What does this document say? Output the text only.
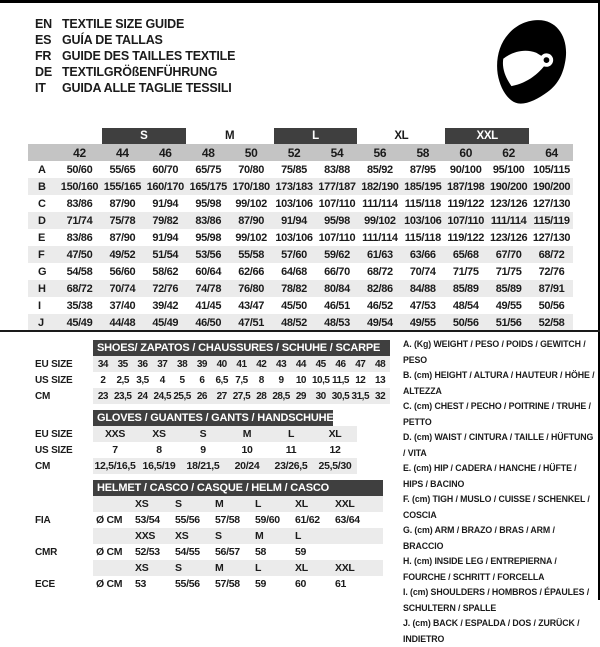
EN TEXTILE SIZE GUIDE
ES GUÍA DE TALLAS
FR GUIDE DES TAILLES TEXTILE
DE TEXTILGRÖßENFÜHRUNG
IT	GUIDA ALLE TAGLIE TESSILI
S	M	L	XL	XXL
42	44	46	48	50	52	54	56	58	60	62	64
A	50/60	55/65	60/70	65/75	70/80	75/85	83/88	85/92	87/95	90/100	95/100 105/115
B	150/160 155/165 160/170 165/175 170/180 173/183 177/187 182/190 185/195 187/198 190/200 190/200
C	83/86	87/90	91/94	95/98	99/102 103/106 107/110 111/114 115/118 119/122 123/126 127/130
D	71/74	75/78	79/82	83/86	87/90	91/94	95/98	99/102 103/106 107/110 111/114 115/119
E	83/86	87/90	91/94	95/98	99/102 103/106 107/110 111/114 115/118 119/122 123/126 127/130
F	47/50	49/52	51/54	53/56	55/58	57/60	59/62	61/63	63/66	65/68	67/70	68/72
G	54/58	56/60	58/62	60/64	62/66	64/68	66/70	68/72	70/74	71/75	71/75	72/76
H	68/72	70/74	72/76	74/78	76/80	78/82	80/84	82/86	84/88	85/89	85/89	87/91
I	35/38	37/40	39/42	41/45	43/47	45/50	46/51	46/52	47/53	48/54	49/55	50/56
J	45/49	44/48	45/49	46/50	47/51	48/52	48/53	49/54	49/55	50/56	51/56	52/58
SHOES/ ZAPATOS / CHAUSSURES / SCHUHE / SCARPE
EU SIZE	34 35 36 37 38 39 40 41 42 43 44 45 46 47 48
US SIZE	2	2,5 3,5	4	5	6	6,5 7,5	8	9	10 10,5 11,5 12 13
CM	23 23,5 24 24,5 25,5 26 27 27,5 28 28,5 29 30 30,5 31,5 32
GLOVES / GUANTES / GANTS / HANDSCHUHE / GUANTI
EU SIZE	XXS	XS	S	M	L	XL
US SIZE	7	8	9	10	11	12
CM	12,5/16,5 16,5/19	18/21,5	20/24	23/26,5	25,5/30
HELMET / CASCO / CASQUE / HELM / CASCO
XS	S	M	L	XL	XXL
FIA	Ø CM	53/54	55/56	57/58	59/60	61/62	63/64
XXS	XS	S	M	L
CMR	Ø CM	52/53	54/55	56/57	58	59
XS	S	M	L	XL	XXL
ECE	Ø CM	53	55/56	57/58	59	60	61
A. (Kg) WEIGHT / PESO / POIDS / GEWITCH / PESO
B. (cm) HEIGHT / ALTURA / HAUTEUR / HÖHE / ALTEZZA
C. (cm) CHEST / PECHO / POITRINE / TRUHE / PETTO
D. (cm) WAIST / CINTURA / TAILLE / HÜFTUNG / VITA
E. (cm) HIP / CADERA / HANCHE / HÜFTE / HIPS / BACINO
F. (cm) TIGH / MUSLO / CUISSE / SCHENKEL / COSCIA
G. (cm) ARM / BRAZO / BRAS / ARM / BRACCIO
H. (cm) INSIDE LEG / ENTREPIERNA / FOURCHE / SCHRITT / FORCELLA
I. (cm) SHOULDERS / HOMBROS / ÉPAULES / SCHULTERN / SPALLE
J. (cm) BACK / ESPALDA / DOS / ZURÜCK / INDIETRO
